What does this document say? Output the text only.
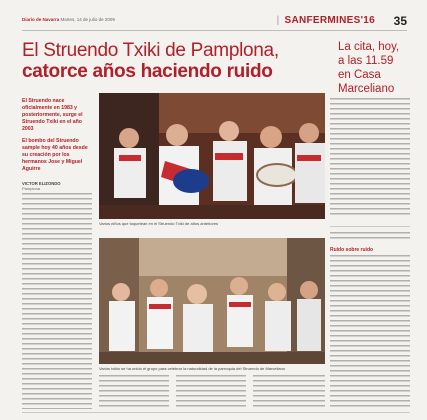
Diario de Navarra Martes, 14 de julio de 2009
|	SANFERMINES'16 35
El Struendo Txiki de Pamplona,
catorce años haciendo ruido
La cita, hoy,
a las 11.59
en Casa
Marceliano
El Struendo nace oficialmente en 1983 y posteriormente, surge el Struendo Txiki en el año 2003
El bombo del Struendo sample hoy 40 años desde su creación por los hermanos Jose y Miguel Aguirre
VICTOR ELIZONDO
Pamplona
Varios niños que toquetean en el Struendo Txiki de años anteriores
Ruido sobre ruido
Varios txikis se ha unido el grupo para celebrar la naturalidad de la parroquia del Struendo de Marceliano
